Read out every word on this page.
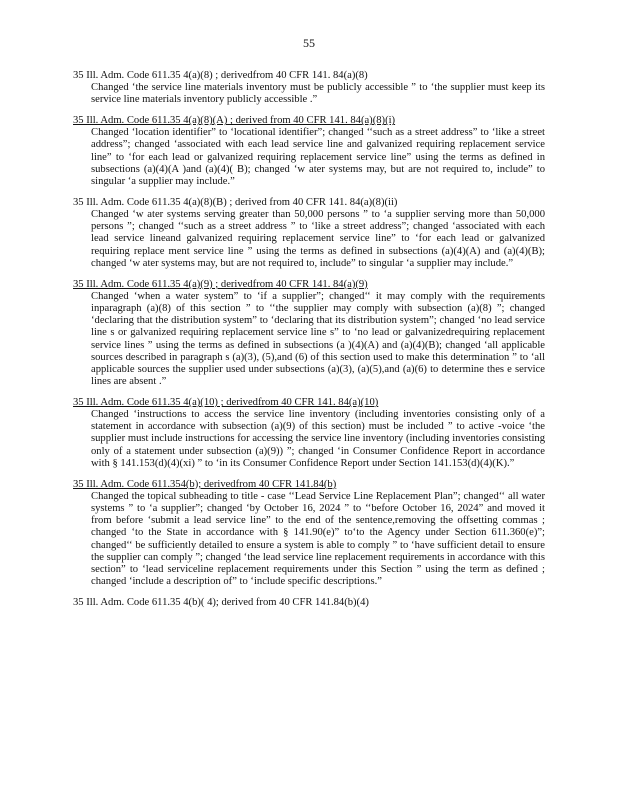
55
35 Ill. Adm. Code 611.35 4(a)(8) ; derivedfrom 40 CFR 141. 84(a)(8)
Changed ‘the service line materials inventory must be publicly accessible ” to ‘the supplier must keep its service line materials inventory publicly accessible .”
35 Ill. Adm. Code 611.35 4(a)(8)(A) ; derived from 40 CFR 141. 84(a)(8)(i)
Changed ‘location identifier” to ‘locational identifier”; changed ‘‘such as a street address” to ‘like a street address”; changed ‘associated with each lead service line and galvanized requiring replacement service line” to ‘for each lead or galvanized requiring replacement service line” using the terms as defined in subsections (a)(4)(A )and (a)(4)( B); changed ‘w ater systems may, but are not required to, include” to singular ‘a supplier may include.”
35 Ill. Adm. Code 611.35 4(a)(8)(B) ; derived from 40 CFR 141. 84(a)(8)(ii)
Changed ‘w ater systems serving greater than 50,000 persons ” to ‘a supplier serving more than 50,000 persons ”; changed ‘‘such as a street address ” to ‘like a street address”; changed ‘associated with each lead service lineand galvanized requiring replacement service line” to ‘for each lead or galvanized requiring replace ment service line ” using the terms as defined in subsections (a)(4)(A) and (a)(4)(B); changed ‘w ater systems may, but are not required to, include” to singular ‘a supplier may include.”
35 Ill. Adm. Code 611.35 4(a)(9) ; derivedfrom 40 CFR 141. 84(a)(9)
Changed ‘when a water system” to ‘if a supplier”; changed‘‘ it may comply with the requirements inparagraph (a)(8) of this section ” to ‘‘the supplier may comply with subsection (a)(8) ”; changed ‘declaring that the distribution system” to ‘declaring that its distribution system”; changed ‘no lead service line s or galvanized requiring replacement service line s” to ‘no lead or galvanizedrequiring replacement service lines ” using the terms as defined in subsections (a )(4)(A) and (a)(4)(B); changed ‘all applicable sources described in paragraph s (a)(3), (5),and (6) of this section used to make this determination ” to ‘all applicable sources the supplier used under subsections (a)(3), (a)(5),and (a)(6) to determine thes e service lines are absent .”
35 Ill. Adm. Code 611.35 4(a)(10) ; derivedfrom 40 CFR 141. 84(a)(10)
Changed ‘instructions to access the service line inventory (including inventories consisting only of a statement in accordance with subsection (a)(9) of this section) must be included ” to active -voice ‘the supplier must include instructions for accessing the service line inventory (including inventories consisting only of a statement under subsection (a)(9)) ”; changed ‘in Consumer Confidence Report in accordance with § 141.153(d)(4)(xi) ” to ‘in its Consumer Confidence Report under Section 141.153(d)(4)(K).”
35 Ill. Adm. Code 611.354(b); derivedfrom 40 CFR 141.84(b)
Changed the topical subheading to title - case ‘‘Lead Service Line Replacement Plan”; changed‘‘ all water systems ” to ‘a supplier”; changed ‘by October 16, 2024 ” to ‘‘before October 16, 2024” and moved it from before ‘submit a lead service line” to the end of the sentence,removing the offsetting commas ; changed ‘to the State in accordance with § 141.90(e)” to‘to the Agency under Section 611.360(e)”; changed‘‘ be sufficiently detailed to ensure a system is able to comply ” to ‘have sufficient detail to ensure the supplier can comply ”; changed ‘the lead service line replacement requirements in accordance with this section” to ‘lead serviceline replacement requirements under this Section ” using the term as defined ; changed ‘include a description of” to ‘include specific descriptions.”
35 Ill. Adm. Code 611.35 4(b)( 4); derived from 40 CFR 141.84(b)(4)
